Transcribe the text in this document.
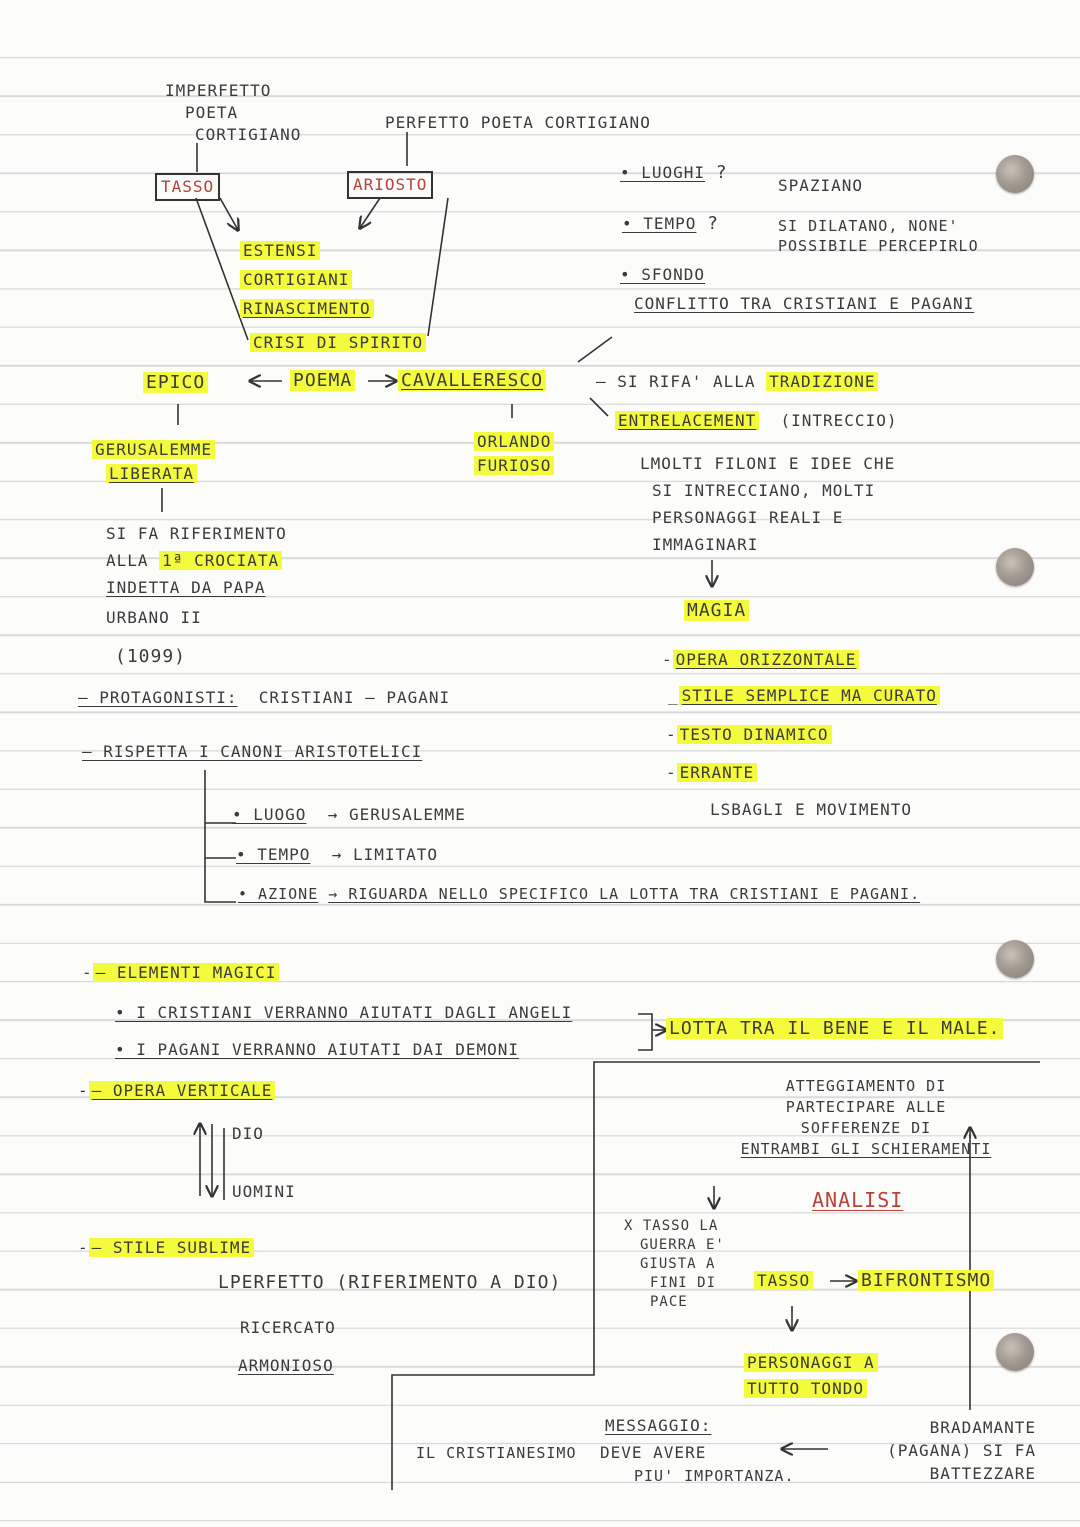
IMPERFETTO
POETA
CORTIGIANO
PERFETTO POETA CORTIGIANO
TASSO	ARIOSTO
ESTENSI
CORTIGIANI
RINASCIMENTO
CRISI DI SPIRITO
• LUOGHI ?
SPAZIANO
• TEMPO ?	SI DILATANO, NONE'
POSSIBILE PERCEPIRLO
• SFONDO
CONFLITTO TRA CRISTIANI E PAGANI
EPICO	POEMA	CAVALLERESCO	– SI RIFA' ALLA TRADIZIONE
ENTRELACEMENT (INTRECCIO)
LMOLTI FILONI E IDEE CHE
SI INTRECCIANO, MOLTI
PERSONAGGI REALI E
IMMAGINARI
ORLANDO
FURIOSO
GERUSALEMME
LIBERATA
MAGIA
- OPERA ORIZZONTALE
_ STILE SEMPLICE MA CURATO
- TESTO DINAMICO
- ERRANTE
LSBAGLI E MOVIMENTO
SI FA RIFERIMENTO
ALLA 1ª CROCIATA
INDETTA DA PAPA
URBANO II
(1099)
– PROTAGONISTI: CRISTIANI – PAGANI
– RISPETTA I CANONI ARISTOTELICI
• LUOGO → GERUSALEMME
• TEMPO → LIMITATO
• AZIONE → RIGUARDA NELLO SPECIFICO LA LOTTA TRA CRISTIANI E PAGANI.
- – ELEMENTI MAGICI
• I CRISTIANI VERRANNO AIUTATI DAGLI ANGELI
• I PAGANI VERRANNO AIUTATI DAI DEMONI
LOTTA TRA IL BENE E IL MALE.
- – OPERA VERTICALE
DIO
UOMINI
- – STILE SUBLIME
LPERFETTO (RIFERIMENTO A DIO)
RICERCATO
ARMONIOSO
ATTEGGIAMENTO DI
PARTECIPARE ALLE
SOFFERENZE DI
ENTRAMBI GLI SCHIERAMENTI
ANALISI
X TASSO LA
GUERRA E'
GIUSTA A
FINI DI
PACE
TASSO	BIFRONTISMO
PERSONAGGI A
TUTTO TONDO
MESSAGGIO:
IL CRISTIANESIMO DEVE AVERE
PIU' IMPORTANZA.
BRADAMANTE
(PAGANA) SI FA
BATTEZZARE
